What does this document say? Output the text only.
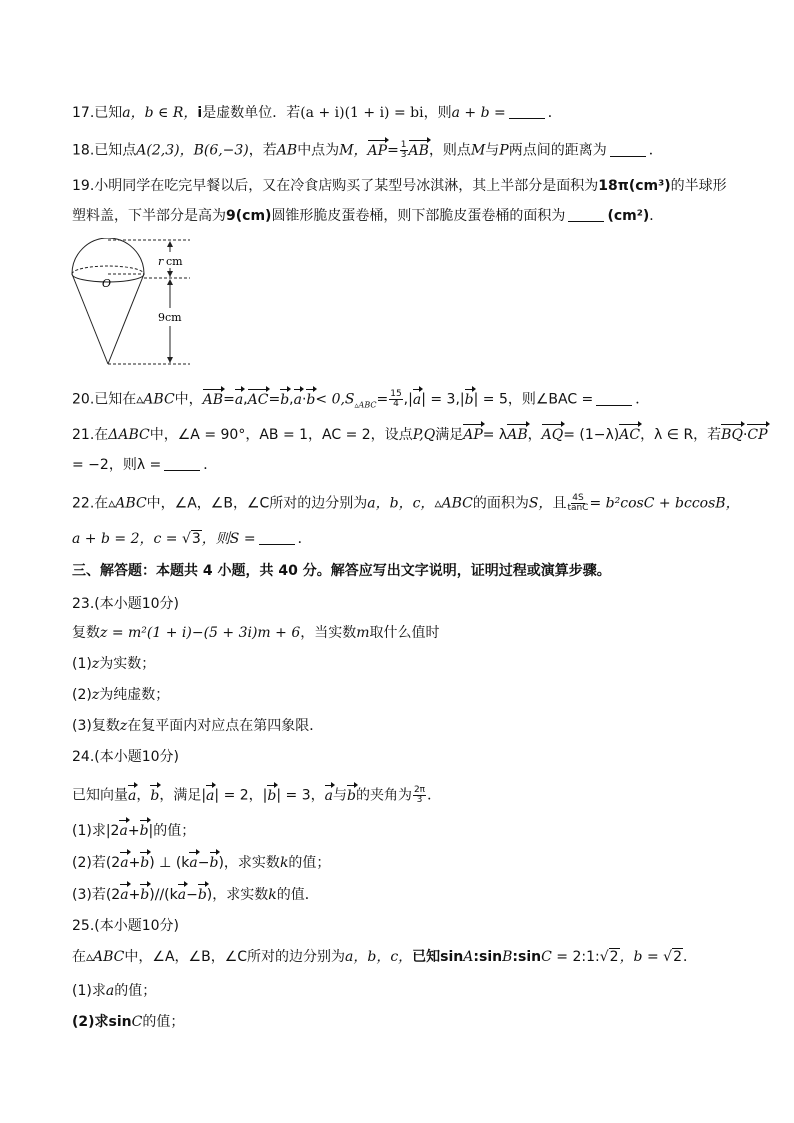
17.已知a，b ∈ R，i是虚数单位．若(a + i)(1 + i) = bi，则a + b =	．
18.已知点A(2,3)，B(6,−3)，若AB中点为M，$AP= \frac{1}{3}$ AB，则点M与P两点间的距离为	．
19.小明同学在吃完早餐以后，又在冷食店购买了某型号冰淇淋，其上半部分是面积为18π(cm³)的半球形
塑料盖，下半部分是高为9(cm)圆锥形脆皮蛋卷桶，则下部脆皮蛋卷桶的面积为	(cm²)．
r cm
O
9cm
20.已知在▵ABC中，$AB=a,AC=b,a\cdot b< 0,S_{▵ABC}= \frac{15}{4} ,|a| = 3,|b| = 5$，则∠BAC =	．
21.在ΔABC中，∠A = 90°，AB = 1，AC = 2，设点P,Q满足AP= λAB，AQ= (1−λ)AC，λ ∈ R，若BQ·CP
= −2，则λ =	．
22.在▵ABC中，∠A，∠B，∠C所对的边分别为a，b，c，▵ABC的面积为S，且 $\frac{4S}{\tan C} = b^2\cos C + bccosB$，
a + b = 2，c = √3，则S =	．
三、解答题：本题共 4 小题，共 40 分。解答应写出文字说明，证明过程或演算步骤。
23.(本小题10分)
复数z = m²(1 + i)−(5 + 3i)m + 6，当实数m取什么值时
(1)z为实数；
(2)z为纯虚数；
(3)复数z在复平面内对应点在第四象限．
24.(本小题10分)
已知向量a，b，满足|a| = 2，|b| = 3，a与b的夹角为 $\frac{2\pi}{3}$ ．
(1)求|2a+b|的值；
(2)若(2a+b) ⊥ (ka−b)，求实数k的值；
(3)若(2a+b)//(ka−b)，求实数k的值．
25.(本小题10分)
在▵ABC中，∠A，∠B，∠C所对的边分别为a，b，c，已知sinA:sinB:sinC = 2:1:√2，b = √2．
(1)求a的值；
(2)求sinC的值；
